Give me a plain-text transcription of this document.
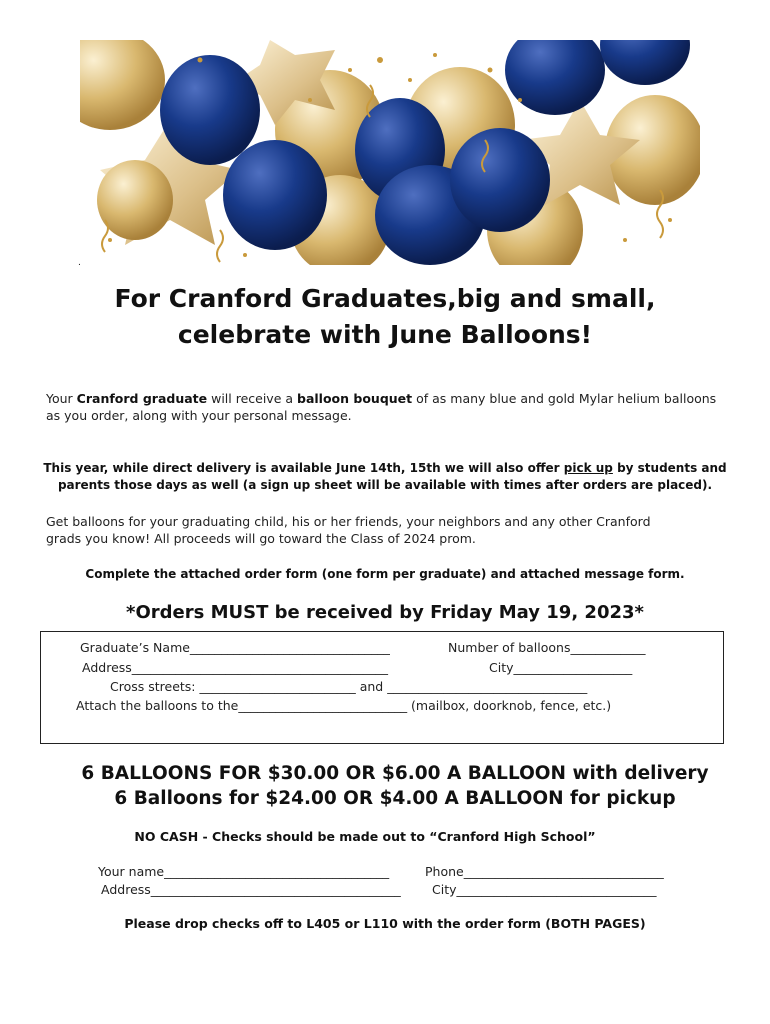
.
For Cranford Graduates,big and small,
celebrate with June Balloons!
Your Cranford graduate will receive a balloon bouquet of as many blue and gold Mylar helium balloons
as you order, along with your personal message.
This year, while direct delivery is available June 14th, 15th we will also offer pick up by students and
parents those days as well (a sign up sheet will be available with times after orders are placed).
Get balloons for your graduating child, his or her friends, your neighbors and any other Cranford
grads you know! All proceeds will go toward the Class of 2024 prom.
Complete the attached order form (one form per graduate) and attached message form.
*Orders MUST be received by Friday May 19, 2023*
Graduate’s Name________________________________	Number of balloons____________
Address_________________________________________	City___________________
Cross streets: _________________________ and ________________________________
Attach the balloons to the___________________________ (mailbox, doorknob, fence, etc.)
6 BALLOONS FOR $30.00 OR $6.00 A BALLOON with delivery
6 Balloons for $24.00 OR $4.00 A BALLOON for pickup
NO CASH - Checks should be made out to “Cranford High School”
Your name____________________________________	Phone________________________________
Address________________________________________ City________________________________
Please drop checks off to L405 or L110 with the order form (BOTH PAGES)
